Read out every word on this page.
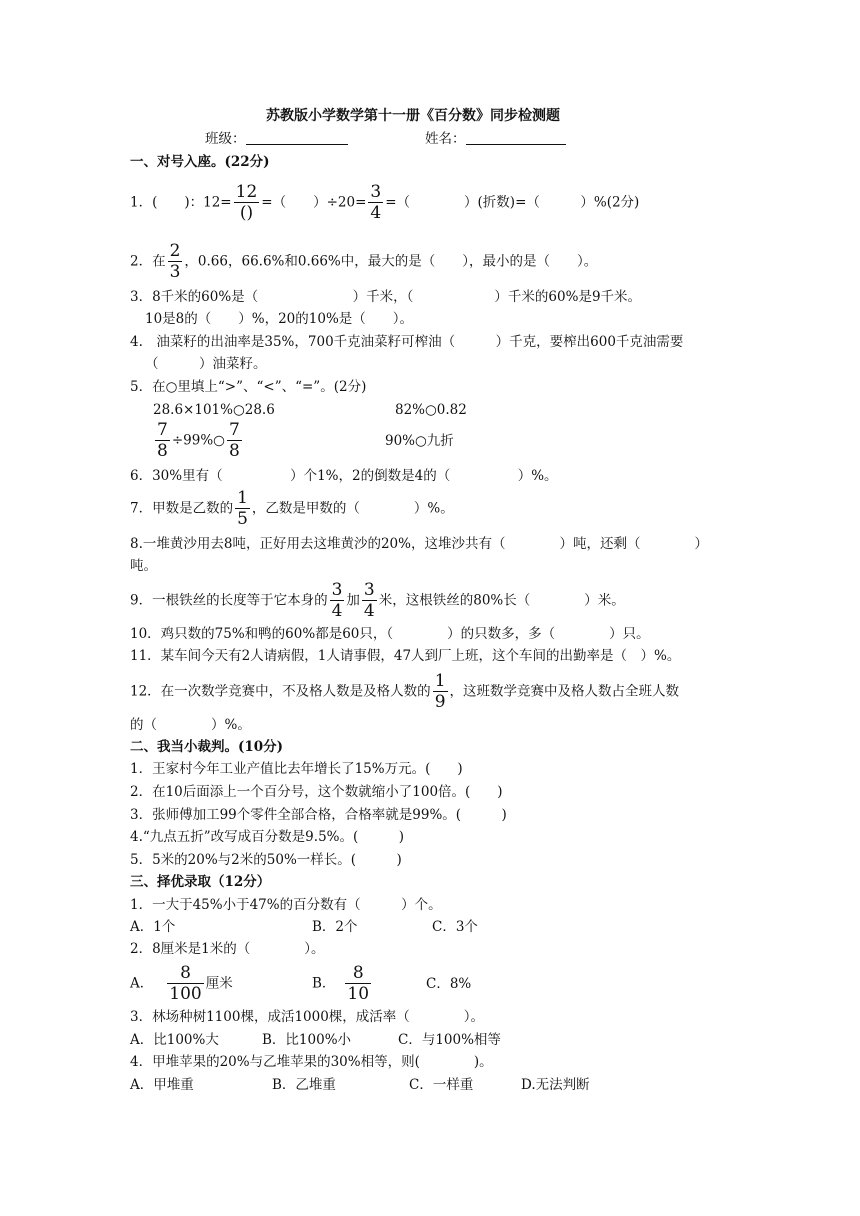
苏教版小学数学第十一册《百分数》同步检测题
班级：	姓名：
一、对号入座。(22分)
1．(　　)：$12= \frac{12}{()}$ =（　　）$\div 20= \frac{3}{4}$ =（　　　　）(折数)=（　　　）%(2分)
2．在 $\frac{2}{3}$ ，0.66，66.6%和0.66%中，最大的是（　　），最小的是（　　）。
3．8千米的60%是（　　　　　　　）千米，（　　　　　　）千米的60%是9千米。
10是8的（　　）%，20的10%是（　　）。
4.　油菜籽的出油率是35%，700千克油菜籽可榨油（　　　）千克，要榨出600千克油需要
（　　　）油菜籽。
5．在○里填上“>”、“<”、“=”。(2分)
28.6×101%○28.6	82%○0.82
$\frac{7}{8}$ ÷99%○ $\frac{7}{8}$	90%○九折
6．30%里有（　　　　　）个1%，2的倒数是4的（　　　　　）%。
7．甲数是乙数的 $\frac{1}{5}$ ，乙数是甲数的（　　　　）%。
8.一堆黄沙用去8吨，正好用去这堆黄沙的20%，这堆沙共有（　　　　）吨，还剩（　　　　）
吨。
9．一根铁丝的长度等于它本身的 $\frac{3}{4}$ 加 $\frac{3}{4}$ 米，这根铁丝的80%长（　　　　）米。
10．鸡只数的75%和鸭的60%都是60只，（　　　　）的只数多，多（　　　　）只。
11．某车间今天有2人请病假，1人请事假，47人到厂上班，这个车间的出勤率是（　）%。
12．在一次数学竞赛中，不及格人数是及格人数的 $\frac{1}{9}$ ，这班数学竞赛中及格人数占全班人数
的（　　　　）%。
二、我当小裁判。(10分)
1．王家村今年工业产值比去年增长了15%万元。(　　)
2．在10后面添上一个百分号，这个数就缩小了100倍。(　　)
3．张师傅加工99个零件全部合格，合格率就是99%。(　　　)
4.“九点五折”改写成百分数是9.5%。(　　　)
5．5米的20%与2米的50%一样长。(　　　)
三、择优录取（12分）
1．一大于45%小于47%的百分数有（　　　）个。
A．1个	B．2个	C．3个
2．8厘米是1米的（　　　　）。
A． $\frac{8}{100}$ 厘米	B． $\frac{8}{10}$	C．8%
3．林场种树1100棵，成活1000棵，成活率（　　　　）。
A．比100%大	B．比100%小	C．与100%相等
4．甲堆苹果的20%与乙堆苹果的30%相等，则(　　　　)。
A．甲堆重	B．乙堆重	C．一样重	D.无法判断
